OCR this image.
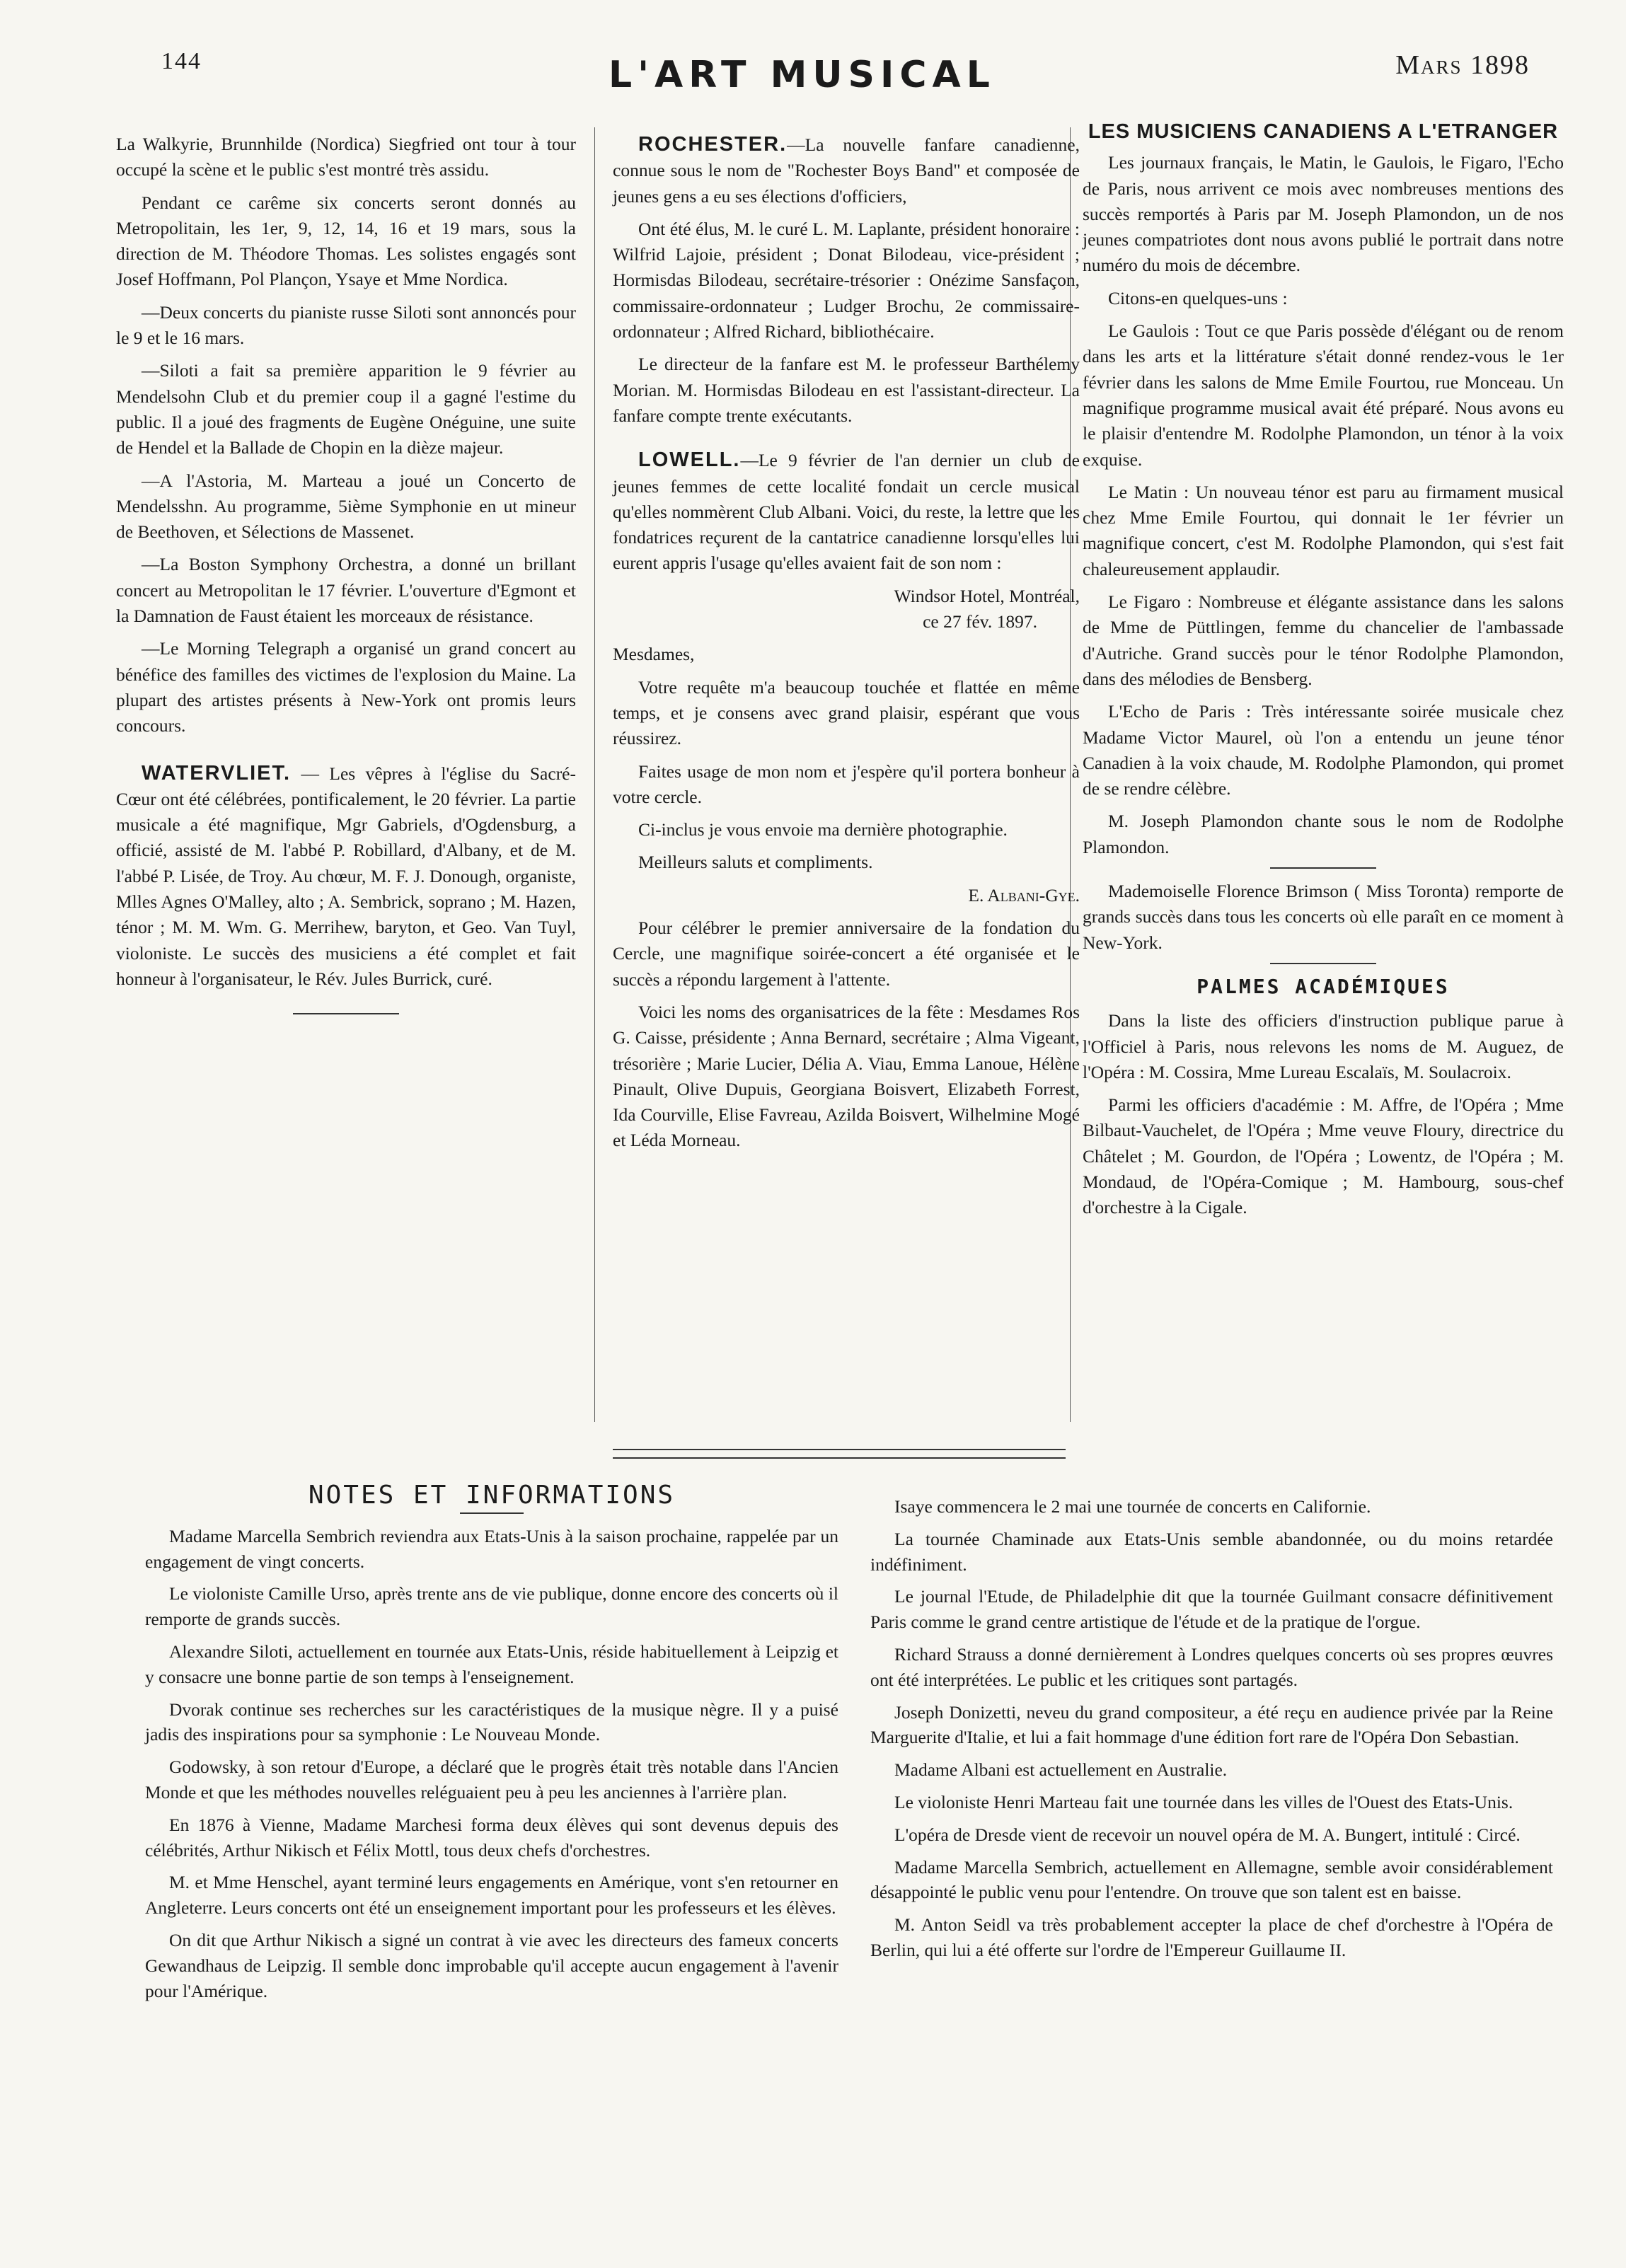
144	L'ART MUSICAL	Mars 1898

La Walkyrie, Brunnhilde (Nordica) Siegfried ont tour à tour occupé la scène et le public s'est montré très assidu.

Pendant ce carême six concerts seront donnés au Metropolitain, les 1er, 9, 12, 14, 16 et 19 mars, sous la direction de M. Théodore Thomas. Les solistes engagés sont Josef Hoffmann, Pol Plançon, Ysaye et Mme Nordica.

—Deux concerts du pianiste russe Siloti sont annoncés pour le 9 et le 16 mars.

—Siloti a fait sa première apparition le 9 février au Mendelsohn Club et du premier coup il a gagné l'estime du public. Il a joué des fragments de Eugène Onéguine, une suite de Hendel et la Ballade de Chopin en la dièze majeur.

—A l'Astoria, M. Marteau a joué un Concerto de Mendelsshn. Au programme, 5ième Symphonie en ut mineur de Beethoven, et Sélections de Massenet.

—La Boston Symphony Orchestra, a donné un brillant concert au Metropolitan le 17 février. L'ouverture d'Egmont et la Damnation de Faust étaient les morceaux de résistance.

—Le Morning Telegraph a organisé un grand concert au bénéfice des familles des victimes de l'explosion du Maine. La plupart des artistes présents à New-York ont promis leurs concours.

WATERVLIET. — Les vêpres à l'église du Sacré-Cœur ont été célébrées, pontificalement, le 20 février. La partie musicale a été magnifique, Mgr Gabriels, d'Ogdensburg, a officié, assisté de M. l'abbé P. Robillard, d'Albany, et de M. l'abbé P. Lisée, de Troy. Au chœur, M. F. J. Donough, organiste, Mlles Agnes O'Malley, alto ; A. Sembrick, soprano ; M. Hazen, ténor ; M. M. Wm. G. Merrihew, baryton, et Geo. Van Tuyl, violoniste. Le succès des musiciens a été complet et fait honneur à l'organisateur, le Rév. Jules Burrick, curé.

ROCHESTER.—La nouvelle fanfare canadienne, connue sous le nom de "Rochester Boys Band" et composée de jeunes gens a eu ses élections d'officiers,

Ont été élus, M. le curé L. M. Laplante, président honoraire : Wilfrid Lajoie, président ; Donat Bilodeau, vice-président ; Hormisdas Bilodeau, secrétaire-trésorier : Onézime Sansfaçon, commissaire-ordonnateur ; Ludger Brochu, 2e commissaire-ordonnateur ; Alfred Richard, bibliothécaire.

Le directeur de la fanfare est M. le professeur Barthélemy Morian. M. Hormisdas Bilodeau en est l'assistant-directeur. La fanfare compte trente exécutants.

LOWELL.—Le 9 février de l'an dernier un club de jeunes femmes de cette localité fondait un cercle musical qu'elles nommèrent Club Albani. Voici, du reste, la lettre que les fondatrices reçurent de la cantatrice canadienne lorsqu'elles lui eurent appris l'usage qu'elles avaient fait de son nom :

Windsor Hotel, Montréal,

ce 27 fév. 1897.

Mesdames,

Votre requête m'a beaucoup touchée et flattée en même temps, et je consens avec grand plaisir, espérant que vous réussirez.

Faites usage de mon nom et j'espère qu'il portera bonheur à votre cercle.

Ci-inclus je vous envoie ma dernière photographie.

Meilleurs saluts et compliments.

E. Albani-Gye.

Pour célébrer le premier anniversaire de la fondation du Cercle, une magnifique soirée-concert a été organisée et le succès a répondu largement à l'attente.

Voici les noms des organisatrices de la fête : Mesdames Ros G. Caisse, présidente ; Anna Bernard, secrétaire ; Alma Vigeant, trésorière ; Marie Lucier, Délia A. Viau, Emma Lanoue, Hélène Pinault, Olive Dupuis, Georgiana Boisvert, Elizabeth Forrest, Ida Courville, Elise Favreau, Azilda Boisvert, Wilhelmine Mogé et Léda Morneau.

LES MUSICIENS CANADIENS A L'ETRANGER

Les journaux français, le Matin, le Gaulois, le Figaro, l'Echo de Paris, nous arrivent ce mois avec nombreuses mentions des succès remportés à Paris par M. Joseph Plamondon, un de nos jeunes compatriotes dont nous avons publié le portrait dans notre numéro du mois de décembre.

Citons-en quelques-uns :

Le Gaulois : Tout ce que Paris possède d'élégant ou de renom dans les arts et la littérature s'était donné rendez-vous le 1er février dans les salons de Mme Emile Fourtou, rue Monceau. Un magnifique programme musical avait été préparé. Nous avons eu le plaisir d'entendre M. Rodolphe Plamondon, un ténor à la voix exquise.

Le Matin : Un nouveau ténor est paru au firmament musical chez Mme Emile Fourtou, qui donnait le 1er février un magnifique concert, c'est M. Rodolphe Plamondon, qui s'est fait chaleureusement applaudir.

Le Figaro : Nombreuse et élégante assistance dans les salons de Mme de Püttlingen, femme du chancelier de l'ambassade d'Autriche. Grand succès pour le ténor Rodolphe Plamondon, dans des mélodies de Bensberg.

L'Echo de Paris : Très intéressante soirée musicale chez Madame Victor Maurel, où l'on a entendu un jeune ténor Canadien à la voix chaude, M. Rodolphe Plamondon, qui promet de se rendre célèbre.

M. Joseph Plamondon chante sous le nom de Rodolphe Plamondon.

Mademoiselle Florence Brimson ( Miss Toronta) remporte de grands succès dans tous les concerts où elle paraît en ce moment à New-York.

PALMES ACADÉMIQUES

Dans la liste des officiers d'instruction publique parue à l'Officiel à Paris, nous relevons les noms de M. Auguez, de l'Opéra : M. Cossira, Mme Lureau Escalaïs, M. Soulacroix.

Parmi les officiers d'académie : M. Affre, de l'Opéra ; Mme Bilbaut-Vauchelet, de l'Opéra ; Mme veuve Floury, directrice du Châtelet ; M. Gourdon, de l'Opéra ; Lowentz, de l'Opéra ; M. Mondaud, de l'Opéra-Comique ; M. Hambourg, sous-chef d'orchestre à la Cigale.

NOTES ET INFORMATIONS

Madame Marcella Sembrich reviendra aux Etats-Unis à la saison prochaine, rappelée par un engagement de vingt concerts.

Le violoniste Camille Urso, après trente ans de vie publique, donne encore des concerts où il remporte de grands succès.

Alexandre Siloti, actuellement en tournée aux Etats-Unis, réside habituellement à Leipzig et y consacre une bonne partie de son temps à l'enseignement.

Dvorak continue ses recherches sur les caractéristiques de la musique nègre. Il y a puisé jadis des inspirations pour sa symphonie : Le Nouveau Monde.

Godowsky, à son retour d'Europe, a déclaré que le progrès était très notable dans l'Ancien Monde et que les méthodes nouvelles reléguaient peu à peu les anciennes à l'arrière plan.

En 1876 à Vienne, Madame Marchesi forma deux élèves qui sont devenus depuis des célébrités, Arthur Nikisch et Félix Mottl, tous deux chefs d'orchestres.

M. et Mme Henschel, ayant terminé leurs engagements en Amérique, vont s'en retourner en Angleterre. Leurs concerts ont été un enseignement important pour les professeurs et les élèves.

On dit que Arthur Nikisch a signé un contrat à vie avec les directeurs des fameux concerts Gewandhaus de Leipzig. Il semble donc improbable qu'il accepte aucun engagement à l'avenir pour l'Amérique.

Isaye commencera le 2 mai une tournée de concerts en Californie.

La tournée Chaminade aux Etats-Unis semble abandonnée, ou du moins retardée indéfiniment.

Le journal l'Etude, de Philadelphie dit que la tournée Guilmant consacre définitivement Paris comme le grand centre artistique de l'étude et de la pratique de l'orgue.

Richard Strauss a donné dernièrement à Londres quelques concerts où ses propres œuvres ont été interprétées. Le public et les critiques sont partagés.

Joseph Donizetti, neveu du grand compositeur, a été reçu en audience privée par la Reine Marguerite d'Italie, et lui a fait hommage d'une édition fort rare de l'Opéra Don Sebastian.

Madame Albani est actuellement en Australie.

Le violoniste Henri Marteau fait une tournée dans les villes de l'Ouest des Etats-Unis.

L'opéra de Dresde vient de recevoir un nouvel opéra de M. A. Bungert, intitulé : Circé.

Madame Marcella Sembrich, actuellement en Allemagne, semble avoir considérablement désappointé le public venu pour l'entendre. On trouve que son talent est en baisse.

M. Anton Seidl va très probablement accepter la place de chef d'orchestre à l'Opéra de Berlin, qui lui a été offerte sur l'ordre de l'Empereur Guillaume II.
